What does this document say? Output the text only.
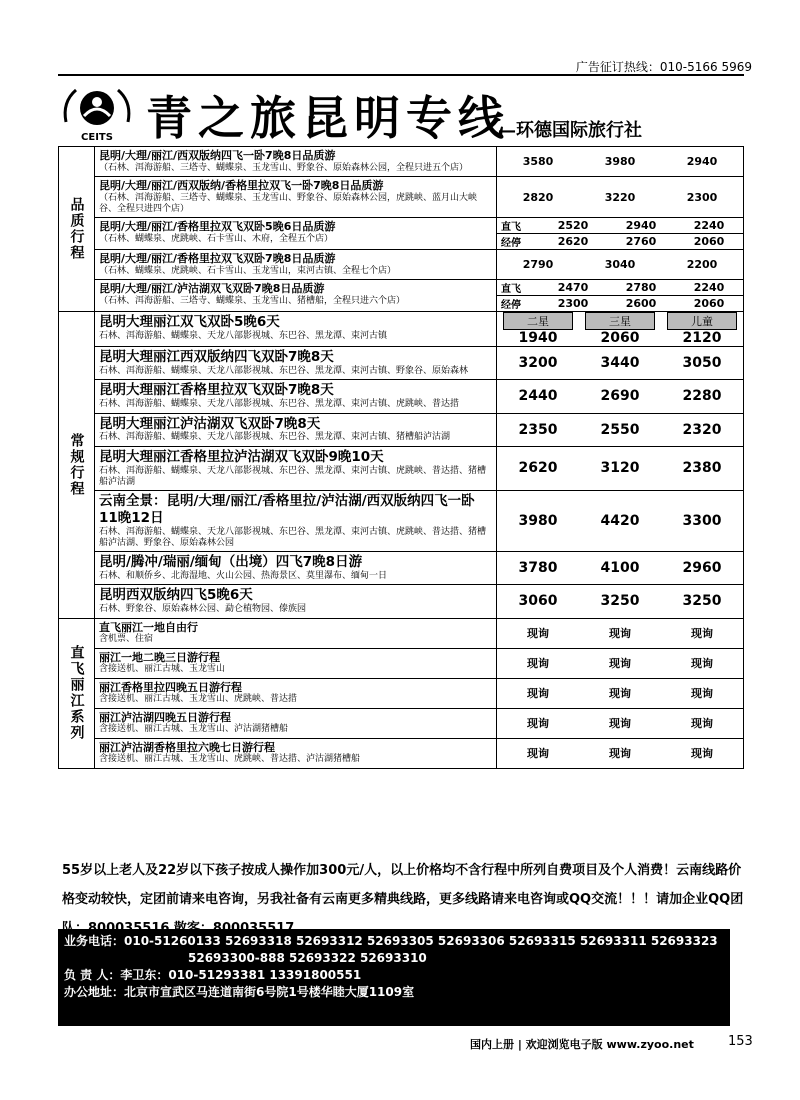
广告征订热线：010-5166 5969
CEITS 青之旅昆明专线
—环德国际旅行社
品质行程
昆明/大理/丽江/西双版纳四飞一卧7晚8日品质游
（石林、洱海游船、三塔寺、蝴蝶泉、玉龙雪山、野象谷、原始森林公园，全程只进五个店）	3580	3980	2940
昆明/大理/丽江/西双版纳/香格里拉双飞一卧7晚8日品质游
（石林、洱海游船、三塔寺、蝴蝶泉、玉龙雪山、野象谷、原始森林公园，虎跳峡、蓝月山大峡谷、全程只进四个店）
2820	3220	2300
昆明/大理/丽江/香格里拉双飞双卧5晚6日品质游
（石林、蝴蝶泉、虎跳峡、石卡雪山、木府，全程五个店）
直飞	2520	2940	2240
经停	2620	2760	2060
昆明/大理/丽江/香格里拉双飞双卧7晚8日品质游
（石林、蝴蝶泉、虎跳峡、石卡雪山、玉龙雪山，束河古镇、全程七个店）	2790	3040	2200
昆明/大理/丽江/泸沽湖双飞双卧7晚8日品质游
（石林、洱海游船、三塔寺、蝴蝶泉、玉龙雪山、猪槽船，全程只进六个店）
直飞	2470	2780	2240
经停	2300	2600	2060
常规行程
二星	三星	儿童
昆明大理丽江双飞双卧5晚6天
石林、洱海游船、蝴蝶泉、天龙八部影视城、东巴谷、黑龙潭、束河古镇	1940	2060	2120
昆明大理丽江西双版纳四飞双卧7晚8天
石林、洱海游船、蝴蝶泉、天龙八部影视城、东巴谷、黑龙潭、束河古镇、野象谷、原始森林	3200	3440	3050
昆明大理丽江香格里拉双飞双卧7晚8天
石林、洱海游船、蝴蝶泉、天龙八部影视城、东巴谷、黑龙潭、束河古镇、虎跳峡、普达措	2440	2690	2280
昆明大理丽江泸沽湖双飞双卧7晚8天
石林、洱海游船、蝴蝶泉、天龙八部影视城、东巴谷、黑龙潭、束河古镇、猪槽船泸沽湖	2350	2550	2320
昆明大理丽江香格里拉泸沽湖双飞双卧9晚10天
石林、洱海游船、蝴蝶泉、天龙八部影视城、东巴谷、黑龙潭、束河古镇、虎跳峡、普达措、猪槽船泸沽湖
2620	3120	2380
云南全景：昆明/大理/丽江/香格里拉/泸沽湖/西双版纳四飞一卧11晚12日
石林、洱海游船、蝴蝶泉、天龙八部影视城、东巴谷、黑龙潭、束河古镇、虎跳峡、普达措、猪槽船泸沽湖、野象谷、原始森林公园
3980	4420	3300
昆明/腾冲/瑞丽/缅甸（出境）四飞7晚8日游
石林、和顺侨乡、北海湿地、火山公园、热海景区、莫里瀑布、缅甸一日	3780	4100	2960
昆明西双版纳四飞5晚6天
石林、野象谷、原始森林公园、勐仑植物园、傣族园	3060	3250	3250
直飞丽江系列
直飞丽江一地自由行
含机票、住宿	现询	现询	现询
丽江一地二晚三日游行程
含接送机、丽江古城、玉龙雪山	现询	现询	现询
丽江香格里拉四晚五日游行程
含接送机、丽江古城、玉龙雪山、虎跳峡、普达措	现询	现询	现询
丽江泸沽湖四晚五日游行程
含接送机、丽江古城、玉龙雪山、泸沽湖猪槽船	现询	现询	现询
丽江泸沽湖香格里拉六晚七日游行程
含接送机、丽江古城、玉龙雪山、虎跳峡、普达措、泸沽湖猪槽船	现询	现询	现询
55岁以上老人及22岁以下孩子按成人操作加300元/人，以上价格均不含行程中所列自费项目及个人消费！云南线路价格变动较快，定团前请来电咨询，另我社备有云南更多精典线路，更多线路请来电咨询或QQ交流！！！请加企业QQ团
业务电话：010-51260133 52693318 52693312 52693305 52693306 52693315 52693311 52693323
52693300-888 52693322 52693310
负 责 人：李卫东：010-51293381 13391800551
办公地址：北京市宣武区马连道南街6号院1号楼华睦大厦1109室
国内上册 | 欢迎浏览电子版 www.zyoo.net	153
